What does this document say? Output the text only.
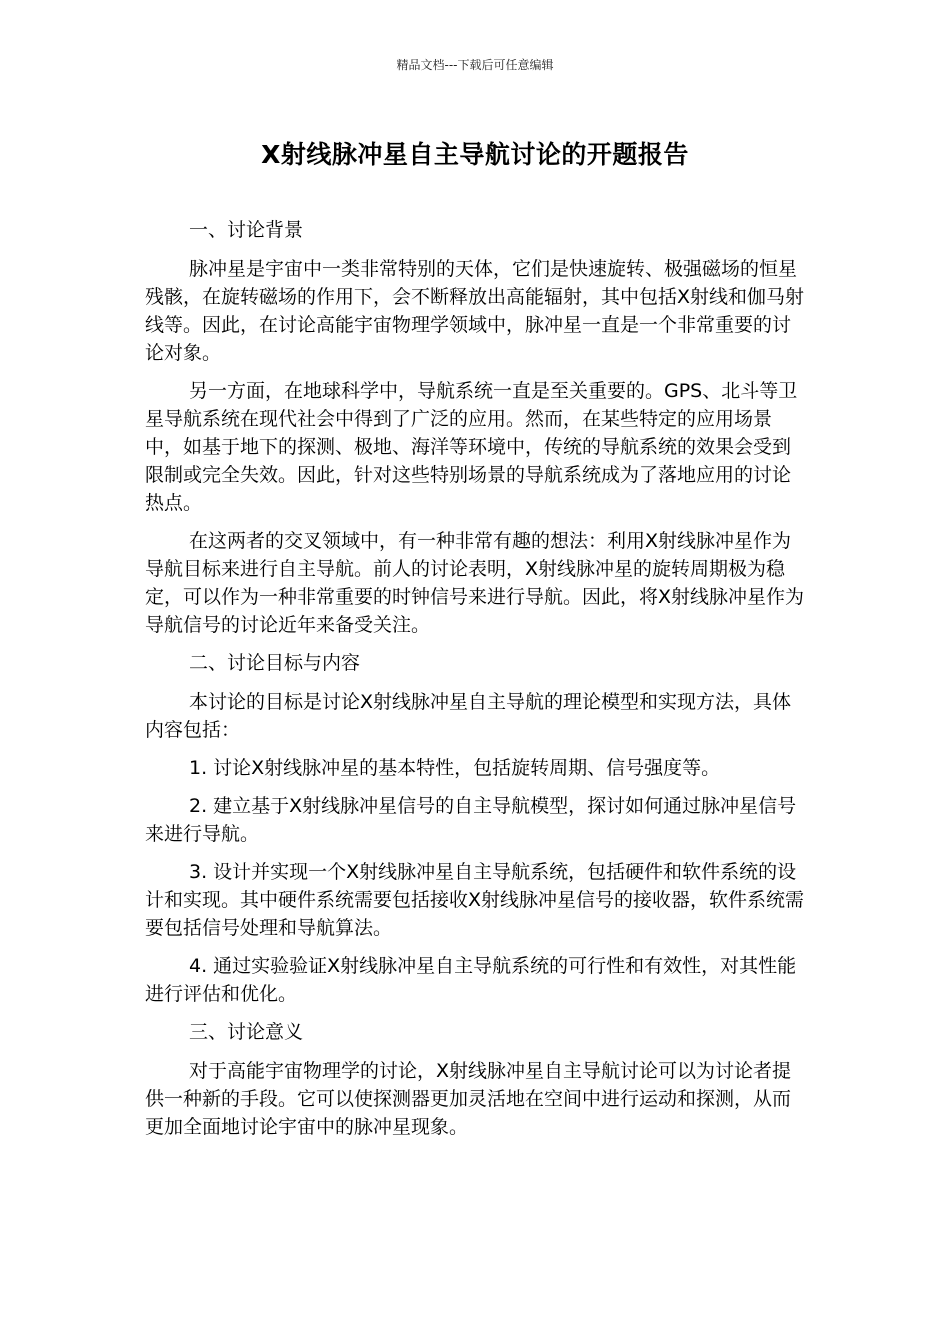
精品文档---下载后可任意编辑
X射线脉冲星自主导航讨论的开题报告

一、讨论背景

脉冲星是宇宙中一类非常特别的天体，它们是快速旋转、极强磁场的恒星残骸，在旋转磁场的作用下，会不断释放出高能辐射，其中包括X射线和伽马射线等。因此，在讨论高能宇宙物理学领域中，脉冲星一直是一个非常重要的讨论对象。

另一方面，在地球科学中，导航系统一直是至关重要的。GPS、北斗等卫星导航系统在现代社会中得到了广泛的应用。然而，在某些特定的应用场景中，如基于地下的探测、极地、海洋等环境中，传统的导航系统的效果会受到限制或完全失效。因此，针对这些特别场景的导航系统成为了落地应用的讨论热点。

在这两者的交叉领域中，有一种非常有趣的想法：利用X射线脉冲星作为导航目标来进行自主导航。前人的讨论表明，X射线脉冲星的旋转周期极为稳定，可以作为一种非常重要的时钟信号来进行导航。因此，将X射线脉冲星作为导航信号的讨论近年来备受关注。

二、讨论目标与内容

本讨论的目标是讨论X射线脉冲星自主导航的理论模型和实现方法，具体内容包括：

1. 讨论X射线脉冲星的基本特性，包括旋转周期、信号强度等。

2. 建立基于X射线脉冲星信号的自主导航模型，探讨如何通过脉冲星信号来进行导航。

3. 设计并实现一个X射线脉冲星自主导航系统，包括硬件和软件系统的设计和实现。其中硬件系统需要包括接收X射线脉冲星信号的接收器，软件系统需要包括信号处理和导航算法。

4. 通过实验验证X射线脉冲星自主导航系统的可行性和有效性，对其性能进行评估和优化。

三、讨论意义

对于高能宇宙物理学的讨论，X射线脉冲星自主导航讨论可以为讨论者提供一种新的手段。它可以使探测器更加灵活地在空间中进行运动和探测，从而更加全面地讨论宇宙中的脉冲星现象。
